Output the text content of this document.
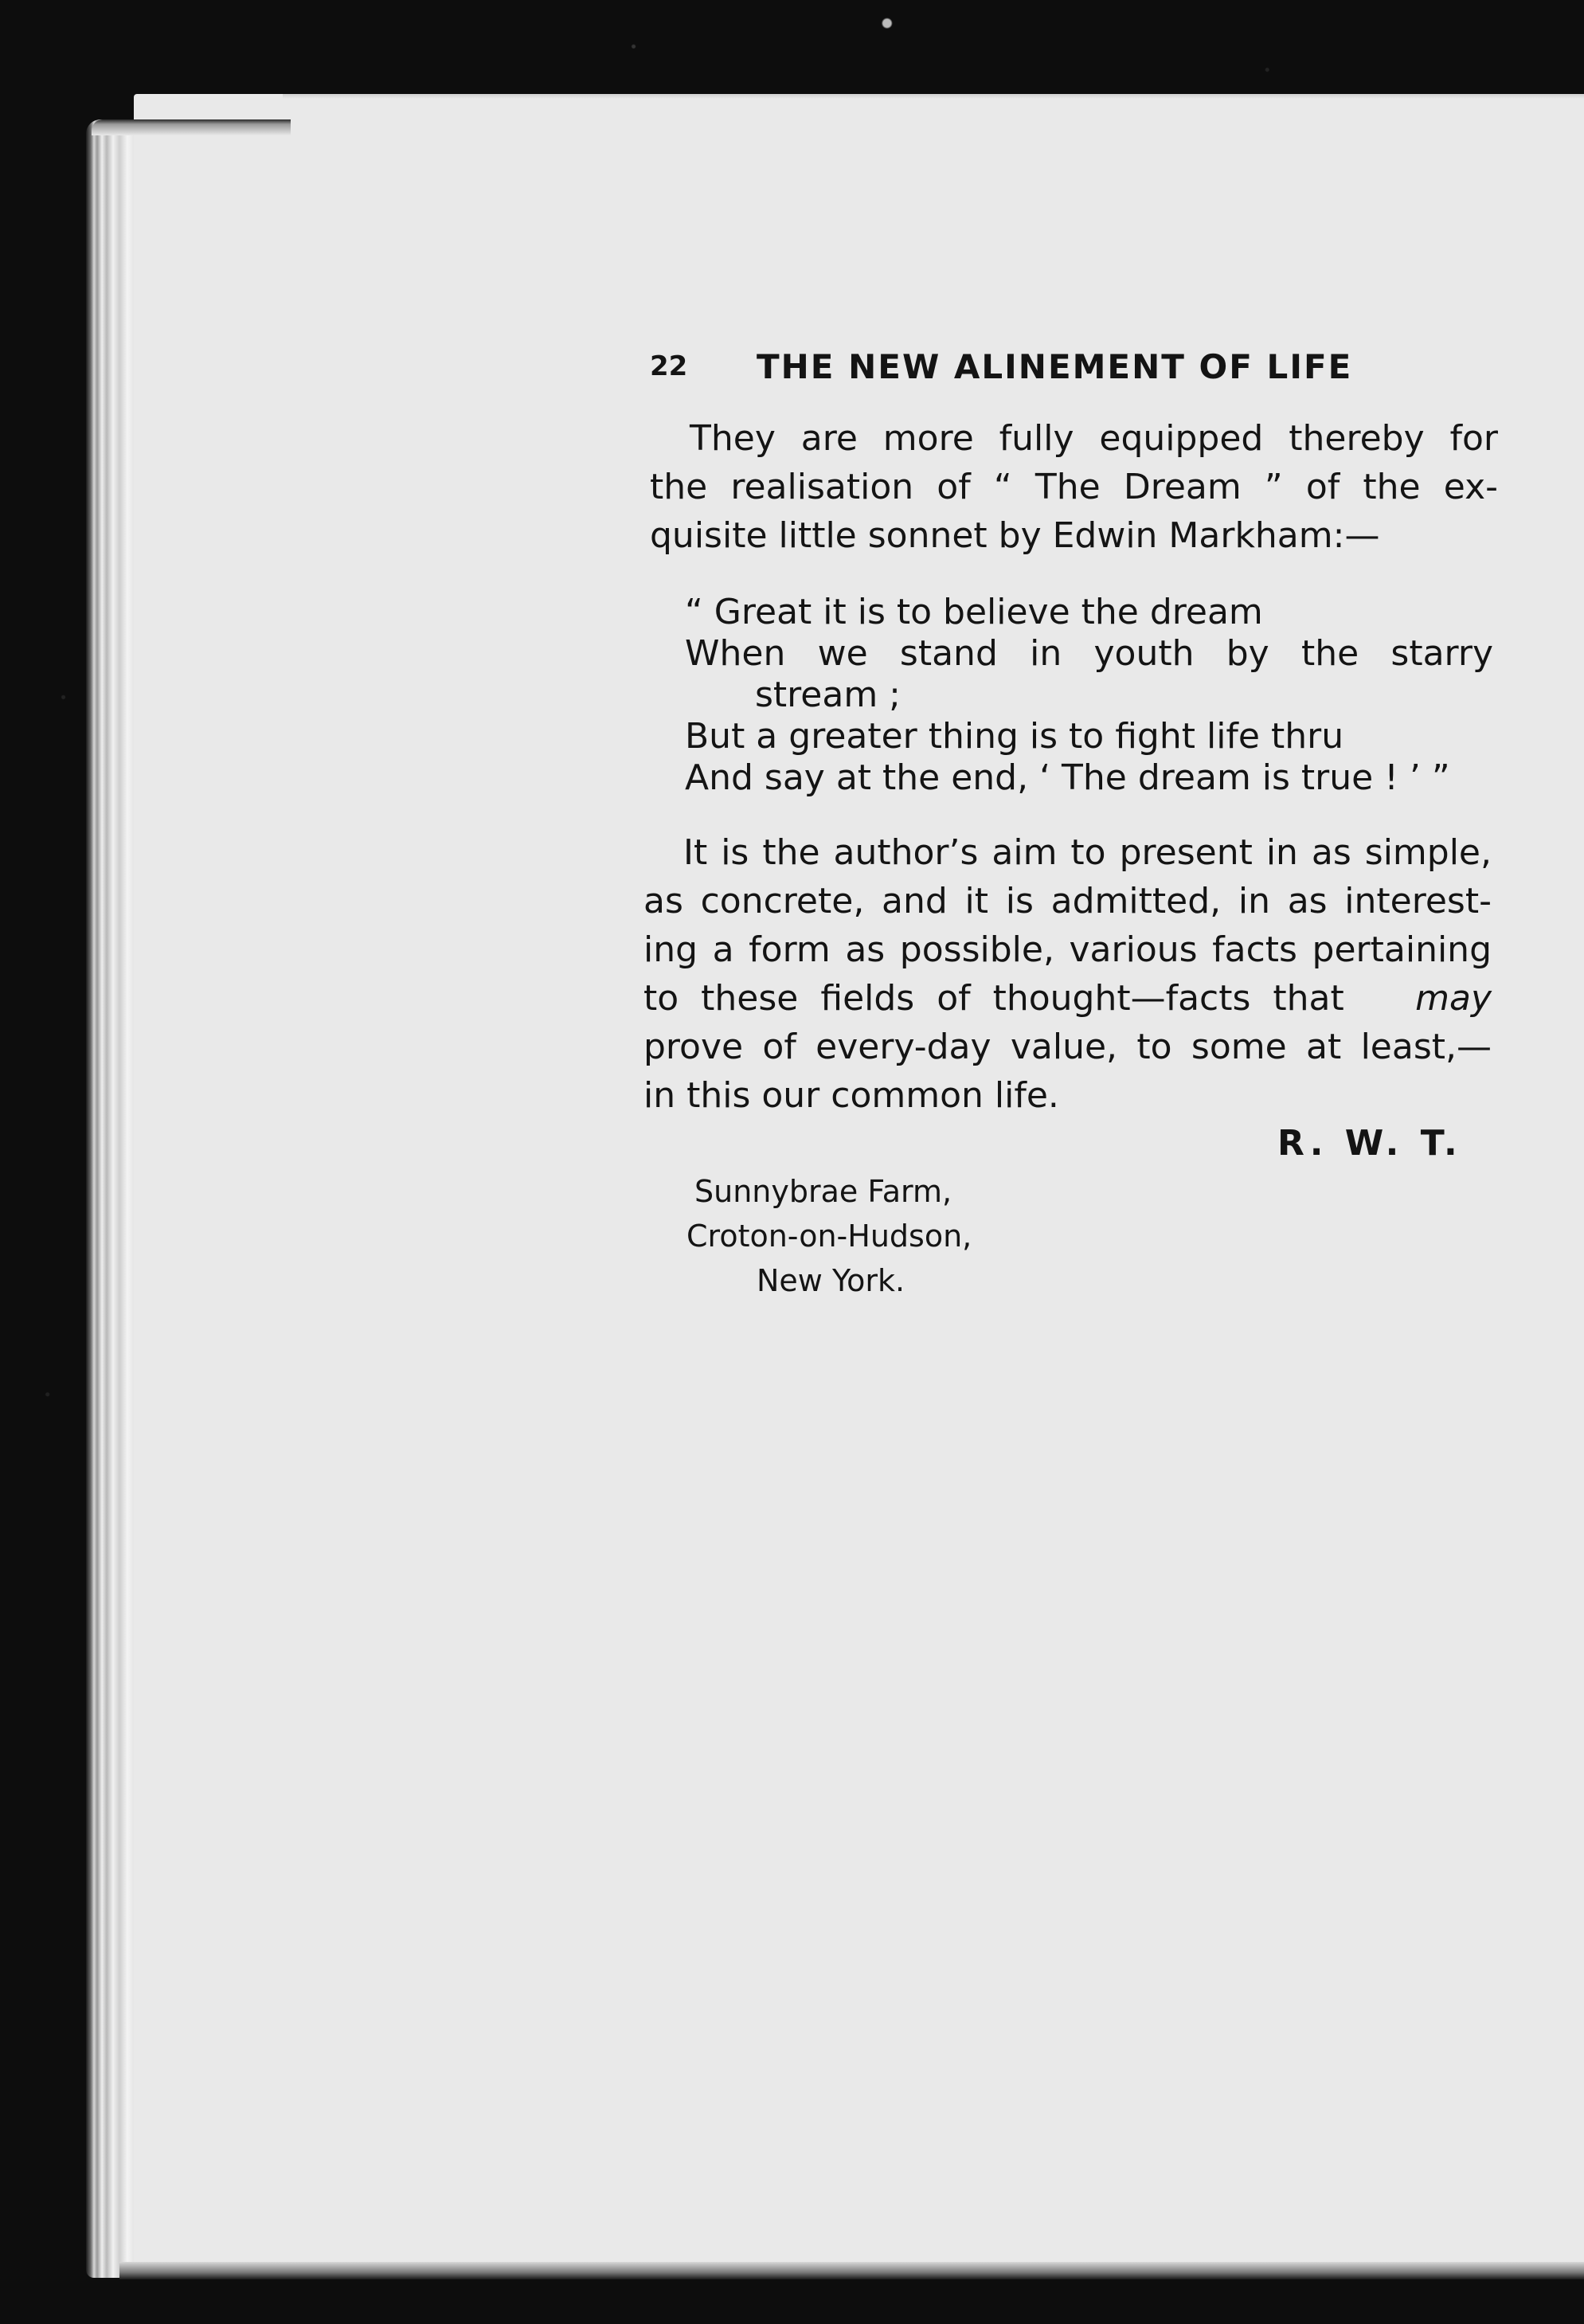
22 THE NEW ALINEMENT OF LIFE
They are more fully equipped thereby for
the realisation of “ The Dream ” of the ex-
quisite little sonnet by Edwin Markham:—
“ Great it is to believe the dream
When we stand in youth by the starry
stream ;
But a greater thing is to fight life thru
And say at the end, ‘ The dream is true ! ’ ”
It is the author’s aim to present in as simple,
as concrete, and it is admitted, in as interest-
ing a form as possible, various facts pertaining
to these fields of thought—facts that may
prove of every-day value, to some at least,—
in this our common life.
R. W. T.
Sunnybrae Farm,
Croton-on-Hudson,
New York.
